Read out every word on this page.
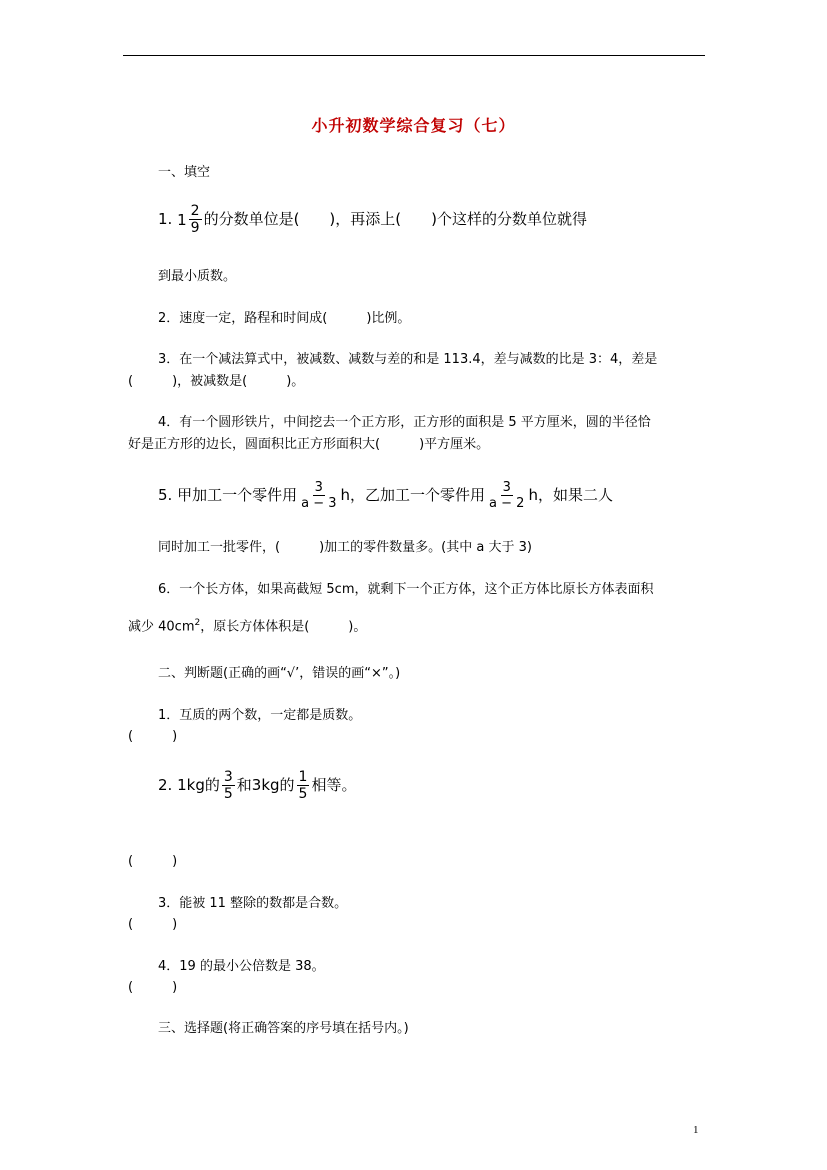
小升初数学综合复习（七）
一、填空
1. $1 \frac{2}{9}$ 的分数单位是(　　)，再添上(　　)个这样的分数单位就得
到最小质数。
2．速度一定，路程和时间成(　　　)比例。
3．在一个减法算式中，被减数、减数与差的和是 113.4，差与减数的比是 3：4，差是
(　　　)，被减数是(　　　)。
4．有一个圆形铁片，中间挖去一个正方形，正方形的面积是 5 平方厘米，圆的半径恰
好是正方形的边长，圆面积比正方形面积大(　　　)平方厘米。
5. 甲加工一个零件用 $\frac{3}{a - 3}$ h，乙加工一个零件用 $\frac{3}{a - 2}$ h，如果二人
同时加工一批零件，(　　　)加工的零件数量多。(其中 a 大于 3)
6．一个长方体，如果高截短 5cm，就剩下一个正方体，这个正方体比原长方体表面积
减少 $40cm^2$，原长方体体积是(　　　)。
二、判断题(正确的画“√’，错误的画“×”。)
1．互质的两个数，一定都是质数。
(　　　)
2. 1kg的 $\frac{3}{5}$ 和3kg的 $\frac{1}{5}$ 相等。
(　　　)
3．能被 11 整除的数都是合数。
(　　　)
4．19 的最小公倍数是 38。
(　　　)
三、选择题(将正确答案的序号填在括号内。)
1
